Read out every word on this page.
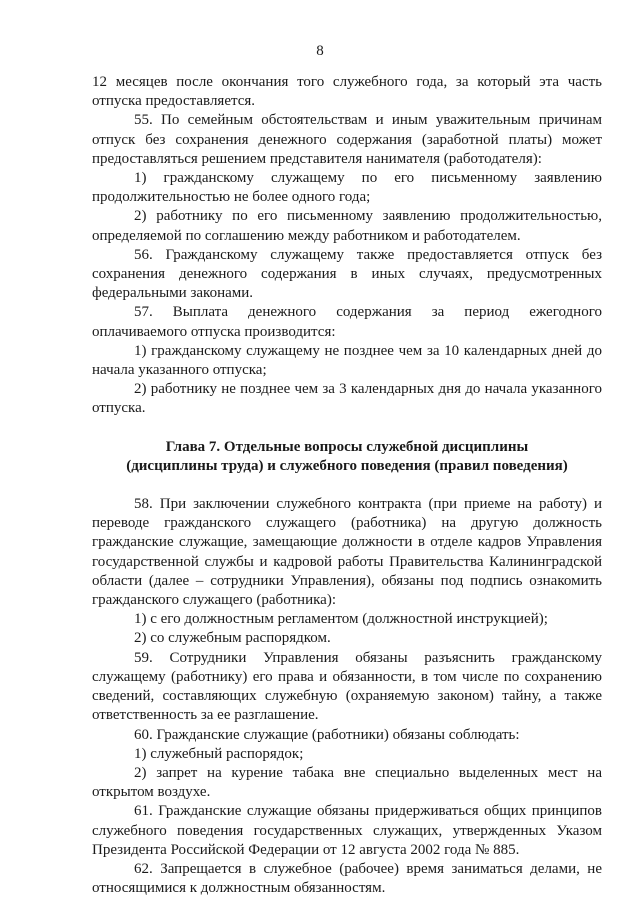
8

12 месяцев после окончания того служебного года, за который эта часть отпуска предоставляется.

55. По семейным обстоятельствам и иным уважительным причинам отпуск без сохранения денежного содержания (заработной платы) может предоставляться решением представителя нанимателя (работодателя):

1) гражданскому служащему по его письменному заявлению продолжительностью не более одного года;

2) работнику по его письменному заявлению продолжительностью, определяемой по соглашению между работником и работодателем.

56. Гражданскому служащему также предоставляется отпуск без сохранения денежного содержания в иных случаях, предусмотренных федеральными законами.

57. Выплата денежного содержания за период ежегодного оплачиваемого отпуска производится:

1) гражданскому служащему не позднее чем за 10 календарных дней до начала указанного отпуска;

2) работнику не позднее чем за 3 календарных дня до начала указанного отпуска.

Глава 7. Отдельные вопросы служебной дисциплины
(дисциплины труда) и служебного поведения (правил поведения)

58. При заключении служебного контракта (при приеме на работу) и переводе гражданского служащего (работника) на другую должность гражданские служащие, замещающие должности в отделе кадров Управления государственной службы и кадровой работы Правительства Калининградской области (далее – сотрудники Управления), обязаны под подпись ознакомить гражданского служащего (работника):

1) с его должностным регламентом (должностной инструкцией);

2) со служебным распорядком.

59. Сотрудники Управления обязаны разъяснить гражданскому служащему (работнику) его права и обязанности, в том числе по сохранению сведений, составляющих служебную (охраняемую законом) тайну, а также ответственность за ее разглашение.

60. Гражданские служащие (работники) обязаны соблюдать:

1) служебный распорядок;

2) запрет на курение табака вне специально выделенных мест на открытом воздухе.

61. Гражданские служащие обязаны придерживаться общих принципов служебного поведения государственных служащих, утвержденных Указом Президента Российской Федерации от 12 августа 2002 года № 885.

62. Запрещается в служебное (рабочее) время заниматься делами, не относящимися к должностным обязанностям.
